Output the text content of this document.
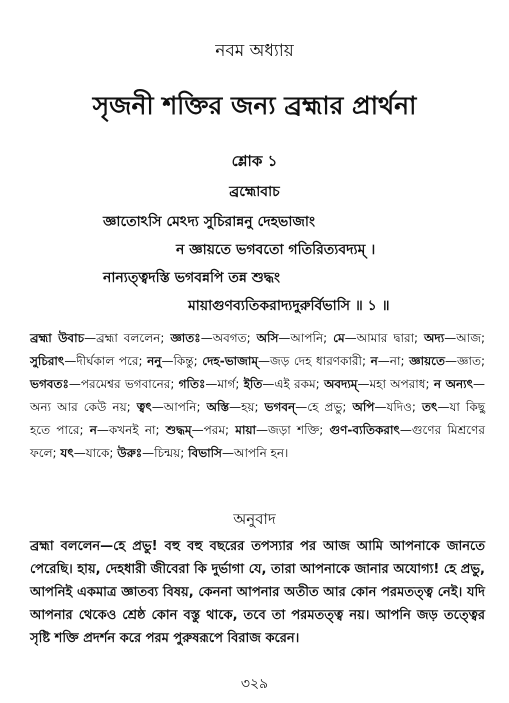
নবম অধ্যায়
সৃজনী শক্তির জন্য ব্রহ্মার প্রার্থনা
শ্লোক ১
ব্রহ্মোবাচ
জ্ঞাতোঽসি মেঽদ্য সুচিরান্ননু দেহভাজাং
ন জ্ঞায়তে ভগবতো গতিরিত্যবদ্যম্ ।
নান্যত্ত্বদস্তি ভগবন্নপি তন্ন শুদ্ধং
মায়াগুণব্যতিকরাদ্যদুরুর্বিভাসি ॥ ১ ॥
ব্রহ্মা উবাচ—ব্রহ্মা বললেন; জ্ঞাতঃ—অবগত; অসি—আপনি; মে—আমার দ্বারা; অদ্য—আজ; সুচিরাৎ—দীর্ঘকাল পরে; ননু—কিন্তু; দেহ-ভাজাম্—জড় দেহ ধারণকারী; ন—না; জ্ঞায়তে—জ্ঞাত; ভগবতঃ—পরমেশ্বর ভগবানের; গতিঃ—মার্গ; ইতি—এই রকম; অবদ্যম্—মহা অপরাধ; ন অন্যৎ—অন্য আর কেউ নয়; ত্বৎ—আপনি; অস্তি—হয়; ভগবন্—হে প্রভু; অপি—যদিও; তৎ—যা কিছু হতে পারে; ন—কখনই না; শুদ্ধম্—পরম; মায়া—জড়া শক্তি; গুণ-ব্যতিকরাৎ—গুণের মিশ্রণের ফলে; যৎ—যাকে; উরুঃ—চিন্ময়; বিভাসি—আপনি হন।
অনুবাদ
ব্রহ্মা বললেন—হে প্রভু! বহু বহু বছরের তপস্যার পর আজ আমি আপনাকে জানতে পেরেছি। হায়, দেহধারী জীবেরা কি দুর্ভাগা যে, তারা আপনাকে জানার অযোগ্য! হে প্রভু, আপনিই একমাত্র জ্ঞাতব্য বিষয়, কেননা আপনার অতীত আর কোন পরমতত্ত্ব নেই। যদি আপনার থেকেও শ্রেষ্ঠ কোন বস্তু থাকে, তবে তা পরমতত্ত্ব নয়। আপনি জড় তত্ত্বের সৃষ্টি শক্তি প্রদর্শন করে পরম পুরুষরূপে বিরাজ করেন।
৩২৯
